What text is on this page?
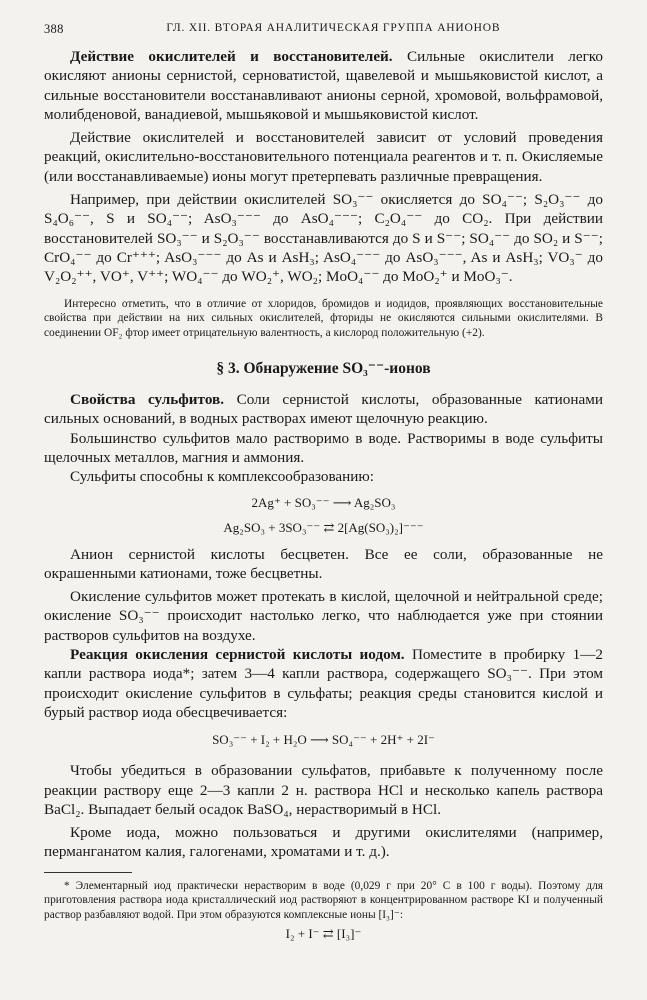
388	ГЛ. XII. ВТОРАЯ АНАЛИТИЧЕСКАЯ ГРУППА АНИОНОВ

Действие окислителей и восстановителей. Сильные окислители легко окисляют анионы сернистой, серноватистой, щавелевой и мышьяковистой кислот, а сильные восстановители восстанавливают анионы серной, хромовой, вольфрамовой, молибденовой, ванадиевой, мышьяковой и мышьяковистой кислот.

Действие окислителей и восстановителей зависит от условий проведения реакций, окислительно-восстановительного потенциала реагентов и т. п. Окисляемые (или восстанавливаемые) ионы могут претерпевать различные превращения.

Например, при действии окислителей SO₃⁻⁻ окисляется до SO₄⁻⁻; S₂O₃⁻⁻ до S₄O₆⁻⁻, S и SO₄⁻⁻; AsO₃⁻⁻⁻ до AsO₄⁻⁻⁻; C₂O₄⁻⁻ до CO₂. При действии восстановителей SO₃⁻⁻ и S₂O₃⁻⁻ восстанавливаются до S и S⁻⁻; SO₄⁻⁻ до SO₂ и S⁻⁻; CrO₄⁻⁻ до Cr⁺⁺⁺; AsO₃⁻⁻⁻ до As и AsH₃; AsO₄⁻⁻⁻ до AsO₃⁻⁻⁻, As и AsH₃; VO₃⁻ до V₂O₂⁺⁺, VO⁺, V⁺⁺; WO₄⁻⁻ до WO₂⁺, WO₂; MoO₄⁻⁻ до MoO₂⁺ и MoO₃⁻.

Интересно отметить, что в отличие от хлоридов, бромидов и иодидов, проявляющих восстановительные свойства при действии на них сильных окислителей, фториды не окисляются сильными окислителями. В соединении OF₂ фтор имеет отрицательную валентность, а кислород положительную (+2).

§ 3. Обнаружение SO₃⁻⁻-ионов

Свойства сульфитов. Соли сернистой кислоты, образованные катионами сильных оснований, в водных растворах имеют щелочную реакцию.

Большинство сульфитов мало растворимо в воде. Растворимы в воде сульфиты щелочных металлов, магния и аммония.

Сульфиты способны к комплексообразованию:

2Ag⁺ + SO₃⁻⁻ ⟶ Ag₂SO₃
Ag₂SO₃ + 3SO₃⁻⁻ ⇄ 2[Ag(SO₃)₂]⁻⁻⁻

Анион сернистой кислоты бесцветен. Все ее соли, образованные не окрашенными катионами, тоже бесцветны.

Окисление сульфитов может протекать в кислой, щелочной и нейтральной среде; окисление SO₃⁻⁻ происходит настолько легко, что наблюдается уже при стоянии растворов сульфитов на воздухе.

Реакция окисления сернистой кислоты иодом. Поместите в пробирку 1—2 капли раствора иода*; затем 3—4 капли раствора, содержащего SO₃⁻⁻. При этом происходит окисление сульфитов в сульфаты; реакция среды становится кислой и бурый раствор иода обесцвечивается:

SO₃⁻⁻ + I₂ + H₂O ⟶ SO₄⁻⁻ + 2H⁺ + 2I⁻

Чтобы убедиться в образовании сульфатов, прибавьте к полученному после реакции раствору еще 2—3 капли 2 н. раствора HCl и несколько капель раствора BaCl₂. Выпадает белый осадок BaSO₄, нерастворимый в HCl.

Кроме иода, можно пользоваться и другими окислителями (например, перманганатом калия, галогенами, хроматами и т. д.).

* Элементарный иод практически нерастворим в воде (0,029 г при 20° C в 100 г воды). Поэтому для приготовления раствора иода кристаллический иод растворяют в концентрированном растворе KI и полученный раствор разбавляют водой. При этом образуются комплексные ионы [I₃]⁻:

I₂ + I⁻ ⇄ [I₃]⁻
